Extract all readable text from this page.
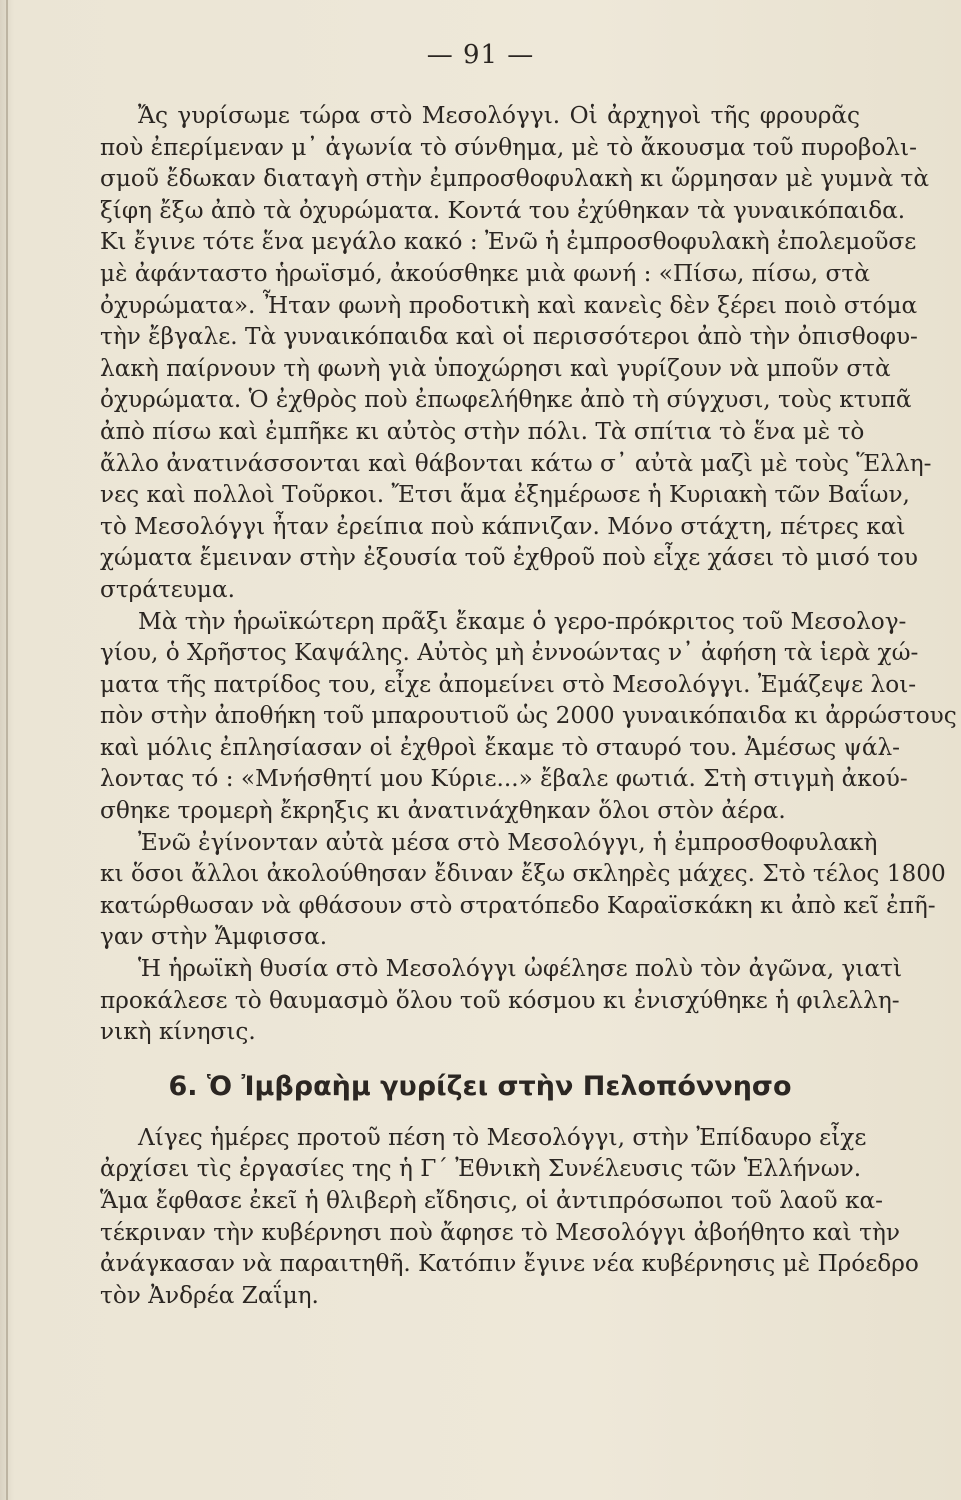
— 91 —
Ἄς γυρίσωμε τώρα στὸ Μεσολόγγι. Οἱ ἀρχηγοὶ τῆς φρουρᾶς
ποὺ ἐπερίμεναν μ᾽ ἀγωνία τὸ σύνθημα, μὲ τὸ ἄκουσμα τοῦ πυροβολι-
σμοῦ ἔδωκαν διαταγὴ στὴν ἐμπροσθοφυλακὴ κι ὥρμησαν μὲ γυμνὰ τὰ
ξίφη ἔξω ἀπὸ τὰ ὀχυρώματα. Κοντά του ἐχύθηκαν τὰ γυναικόπαιδα.
Κι ἔγινε τότε ἕνα μεγάλο κακό : Ἐνῶ ἡ ἐμπροσθοφυλακὴ ἐπολεμοῦσε
μὲ ἀφάνταστο ἡρωϊσμό, ἀκούσθηκε μιὰ φωνή : «Πίσω, πίσω, στὰ
ὀχυρώματα». Ἦταν φωνὴ προδοτικὴ καὶ κανεὶς δὲν ξέρει ποιὸ στόμα
τὴν ἔβγαλε. Τὰ γυναικόπαιδα καὶ οἱ περισσότεροι ἀπὸ τὴν ὀπισθοφυ-
λακὴ παίρνουν τὴ φωνὴ γιὰ ὑποχώρησι καὶ γυρίζουν νὰ μποῦν στὰ
ὀχυρώματα. Ὁ ἐχθρὸς ποὺ ἐπωφελήθηκε ἀπὸ τὴ σύγχυσι, τοὺς κτυπᾶ
ἀπὸ πίσω καὶ ἐμπῆκε κι αὐτὸς στὴν πόλι. Τὰ σπίτια τὸ ἕνα μὲ τὸ
ἄλλο ἀνατινάσσονται καὶ θάβονται κάτω σ᾽ αὐτὰ μαζὶ μὲ τοὺς Ἕλλη-
νες καὶ πολλοὶ Τοῦρκοι. Ἔτσι ἅμα ἐξημέρωσε ἡ Κυριακὴ τῶν Βαΐων,
τὸ Μεσολόγγι ἦταν ἐρείπια ποὺ κάπνιζαν. Μόνο στάχτη, πέτρες καὶ
χώματα ἔμειναν στὴν ἐξουσία τοῦ ἐχθροῦ ποὺ εἶχε χάσει τὸ μισό του
στράτευμα.
Μὰ τὴν ἡρωϊκώτερη πρᾶξι ἔκαμε ὁ γερο-πρόκριτος τοῦ Μεσολογ-
γίου, ὁ Χρῆστος Καψάλης. Αὐτὸς μὴ ἐννοώντας ν᾽ ἀφήση τὰ ἱερὰ χώ-
ματα τῆς πατρίδος του, εἶχε ἀπομείνει στὸ Μεσολόγγι. Ἐμάζεψε λοι-
πὸν στὴν ἀποθήκη τοῦ μπαρουτιοῦ ὡς 2000 γυναικόπαιδα κι ἀρρώστους
καὶ μόλις ἐπλησίασαν οἱ ἐχθροὶ ἔκαμε τὸ σταυρό του. Ἀμέσως ψάλ-
λοντας τό : «Μνήσθητί μου Κύριε...» ἔβαλε φωτιά. Στὴ στιγμὴ ἀκού-
σθηκε τρομερὴ ἔκρηξις κι ἀνατινάχθηκαν ὅλοι στὸν ἀέρα.
Ἐνῶ ἐγίνονταν αὐτὰ μέσα στὸ Μεσολόγγι, ἡ ἐμπροσθοφυλακὴ
κι ὅσοι ἄλλοι ἀκολούθησαν ἔδιναν ἔξω σκληρὲς μάχες. Στὸ τέλος 1800
κατώρθωσαν νὰ φθάσουν στὸ στρατόπεδο Καραϊσκάκη κι ἀπὸ κεῖ ἐπῆ-
γαν στὴν Ἄμφισσα.
Ἡ ἡρωϊκὴ θυσία στὸ Μεσολόγγι ὠφέλησε πολὺ τὸν ἀγῶνα, γιατὶ
προκάλεσε τὸ θαυμασμὸ ὅλου τοῦ κόσμου κι ἐνισχύθηκε ἡ φιλελλη-
νικὴ κίνησις.
6. Ὁ Ἰμβραὴμ γυρίζει στὴν Πελοπόννησο
Λίγες ἡμέρες προτοῦ πέση τὸ Μεσολόγγι, στὴν Ἐπίδαυρο εἶχε
ἀρχίσει τὶς ἐργασίες της ἡ Γ´ Ἐθνικὴ Συνέλευσις τῶν Ἑλλήνων.
Ἅμα ἔφθασε ἐκεῖ ἡ θλιβερὴ εἴδησις, οἱ ἀντιπρόσωποι τοῦ λαοῦ κα-
τέκριναν τὴν κυβέρνησι ποὺ ἄφησε τὸ Μεσολόγγι ἀβοήθητο καὶ τὴν
ἀνάγκασαν νὰ παραιτηθῆ. Κατόπιν ἔγινε νέα κυβέρνησις μὲ Πρόεδρο
τὸν Ἀνδρέα Ζαΐμη.
